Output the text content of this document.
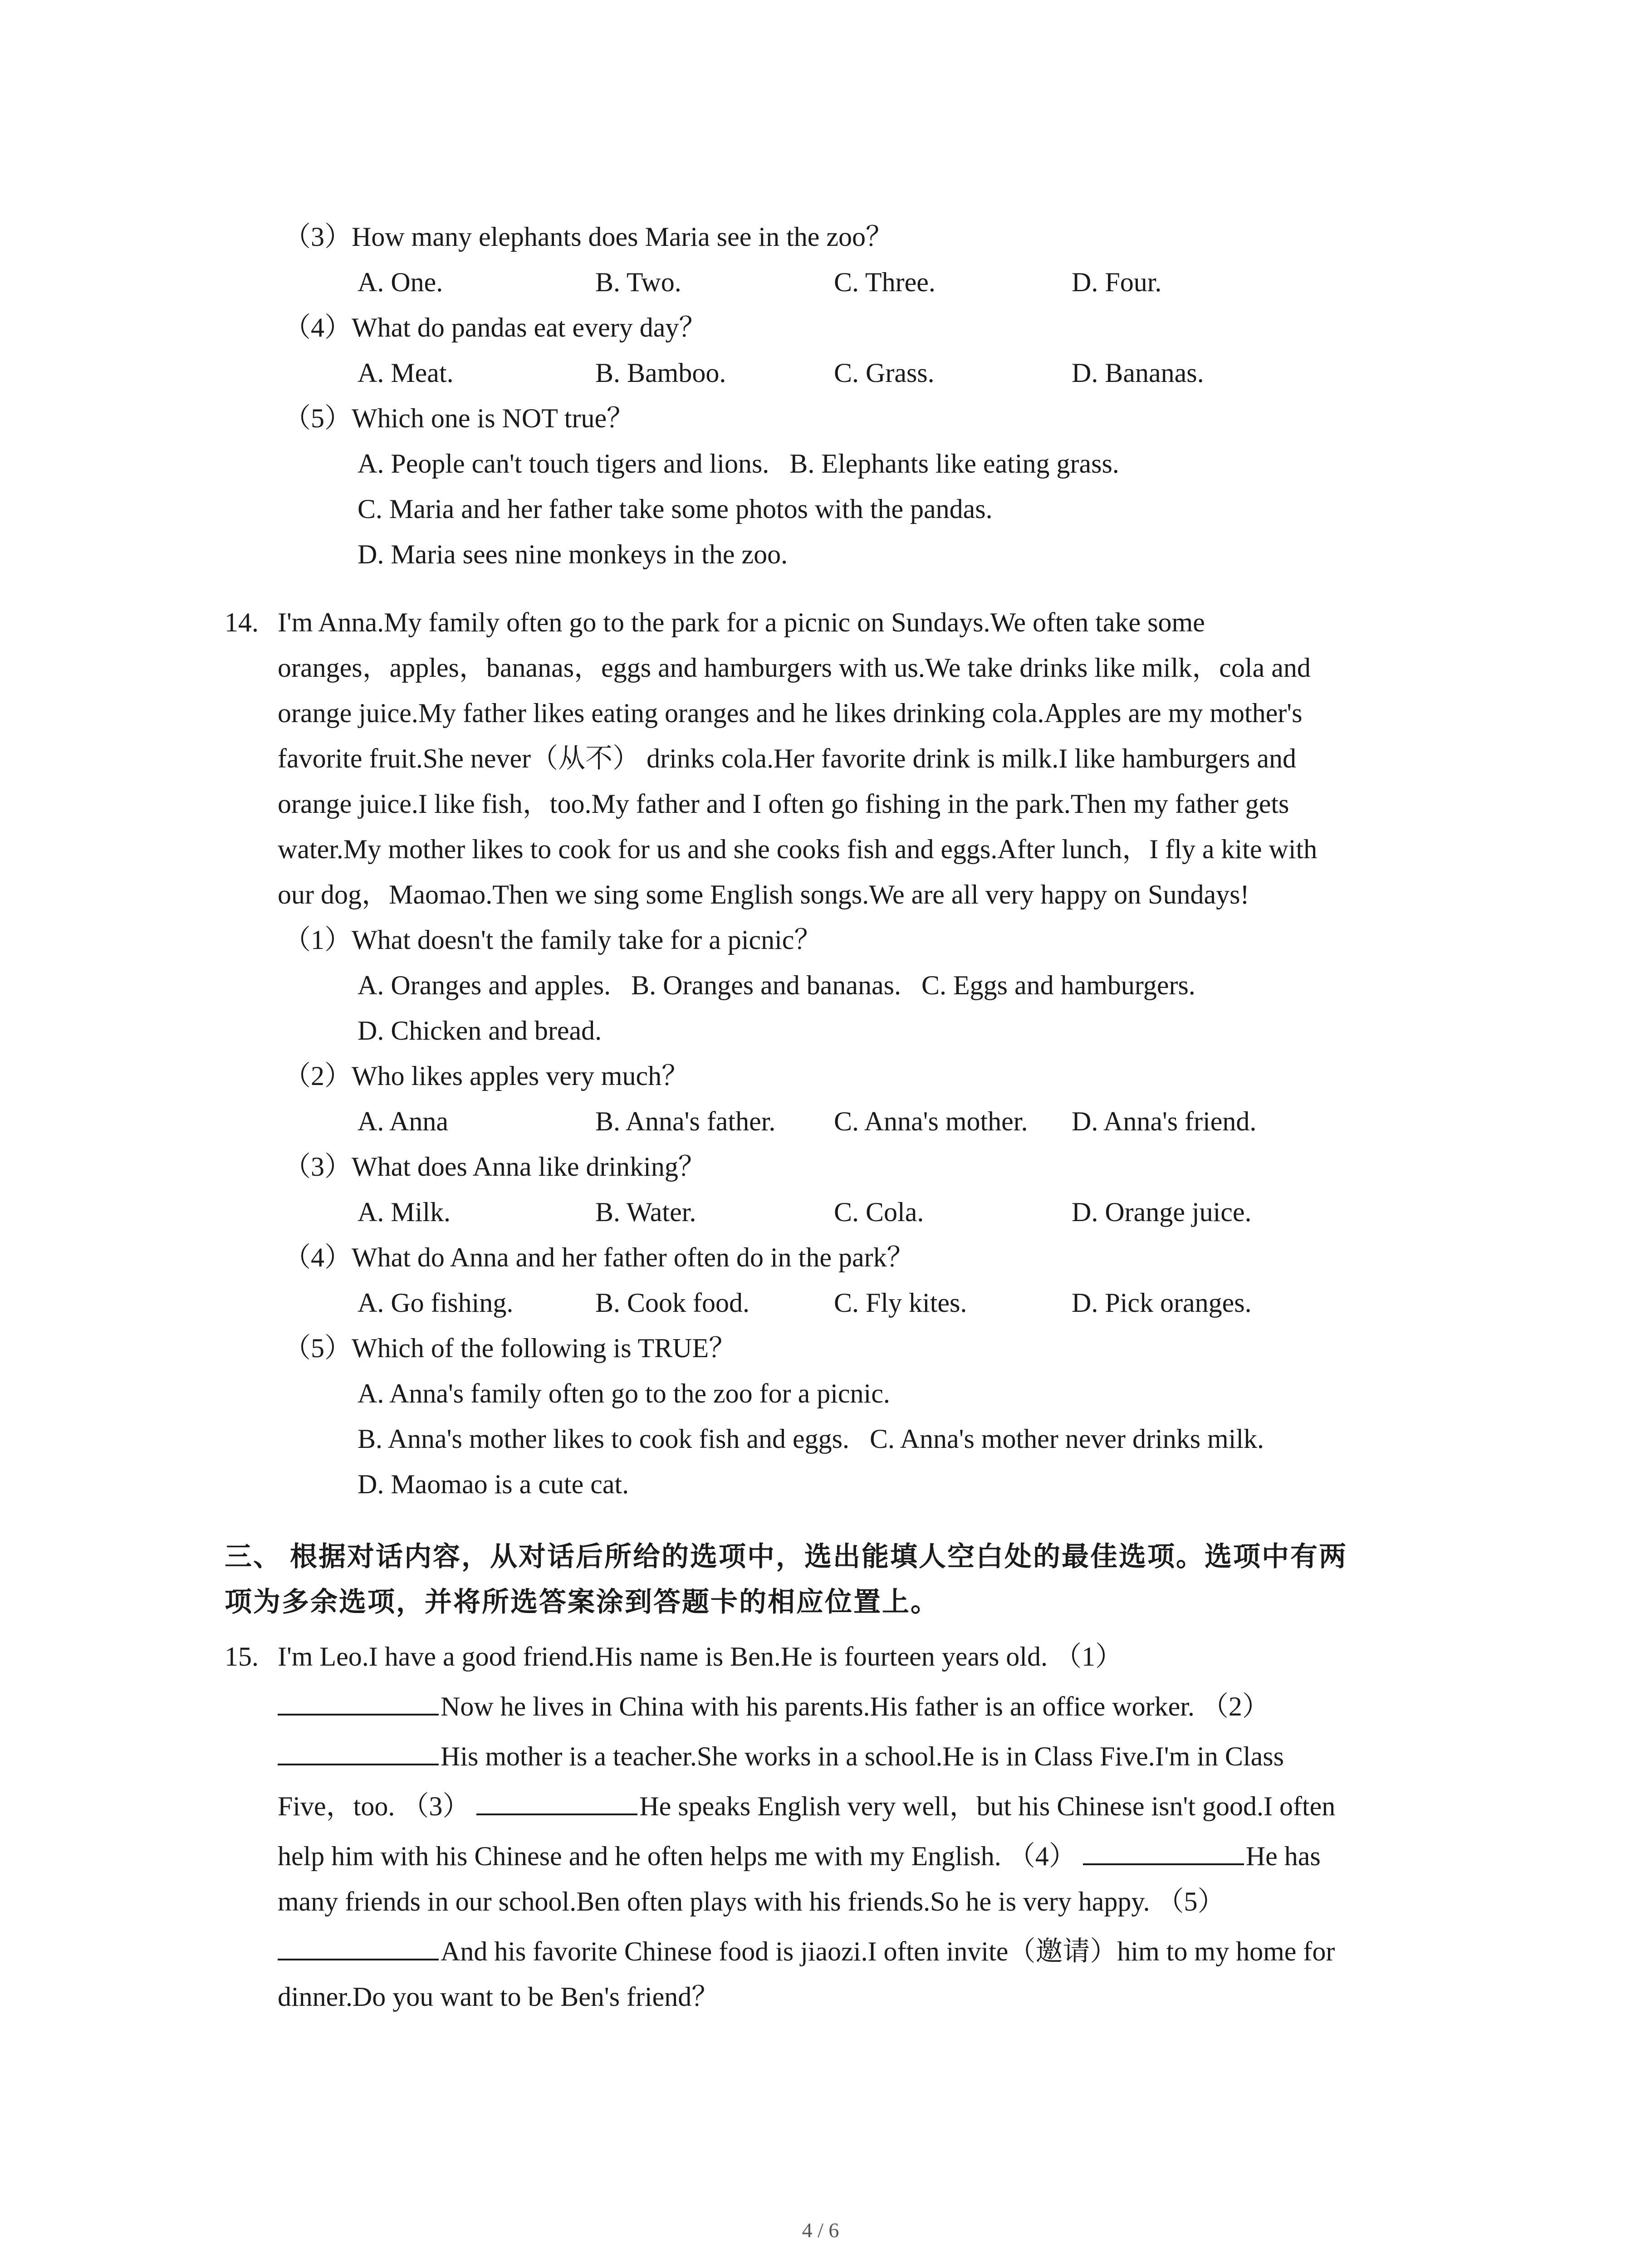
（3）How many elephants does Maria see in the zoo？
A. One.	B. Two.	C. Three.	D. Four.
（4）What do pandas eat every day？
A. Meat.	B. Bamboo.	C. Grass.	D. Bananas.
（5）Which one is NOT true？
A. People can't touch tigers and lions.   B. Elephants like eating grass.
C. Maria and her father take some photos with the pandas.
D. Maria sees nine monkeys in the zoo.
14. I'm Anna.My family often go to the park for a picnic on Sundays.We often take some
oranges，apples，bananas，eggs and hamburgers with us.We take drinks like milk，cola and
orange juice.My father likes eating oranges and he likes drinking cola.Apples are my mother's
favorite fruit.She never（从不） drinks cola.Her favorite drink is milk.I like hamburgers and
orange juice.I like fish，too.My father and I often go fishing in the park.Then my father gets
water.My mother likes to cook for us and she cooks fish and eggs.After lunch，I fly a kite with
our dog，Maomao.Then we sing some English songs.We are all very happy on Sundays!
（1）What doesn't the family take for a picnic？
A. Oranges and apples.   B. Oranges and bananas.   C. Eggs and hamburgers.
D. Chicken and bread.
（2）Who likes apples very much？
A. Anna	B. Anna's father. C. Anna's mother. D. Anna's friend.
（3）What does Anna like drinking？
A. Milk.	B. Water.	C. Cola.	D. Orange juice.
（4）What do Anna and her father often do in the park？
A. Go fishing.	B. Cook food.	C. Fly kites.	D. Pick oranges.
（5）Which of the following is TRUE？
A. Anna's family often go to the zoo for a picnic.
B. Anna's mother likes to cook fish and eggs.   C. Anna's mother never drinks milk.
D. Maomao is a cute cat.
三、 根据对话内容，从对话后所给的选项中，选出能填人空白处的最佳选项。选项中有两
项为多余选项，并将所选答案涂到答题卡的相应位置上。
15. I'm Leo.I have a good friend.His name is Ben.He is fourteen years old. （1）
Now he lives in China with his parents.His father is an office worker. （2）
His mother is a teacher.She works in a school.He is in Class Five.I'm in Class
Five，too. （3）	He speaks English very well，but his Chinese isn't good.I often
help him with his Chinese and he often helps me with my English. （4）	He has
many friends in our school.Ben often plays with his friends.So he is very happy. （5）
And his favorite Chinese food is jiaozi.I often invite（邀请）him to my home for
dinner.Do you want to be Ben's friend？
4 / 6
